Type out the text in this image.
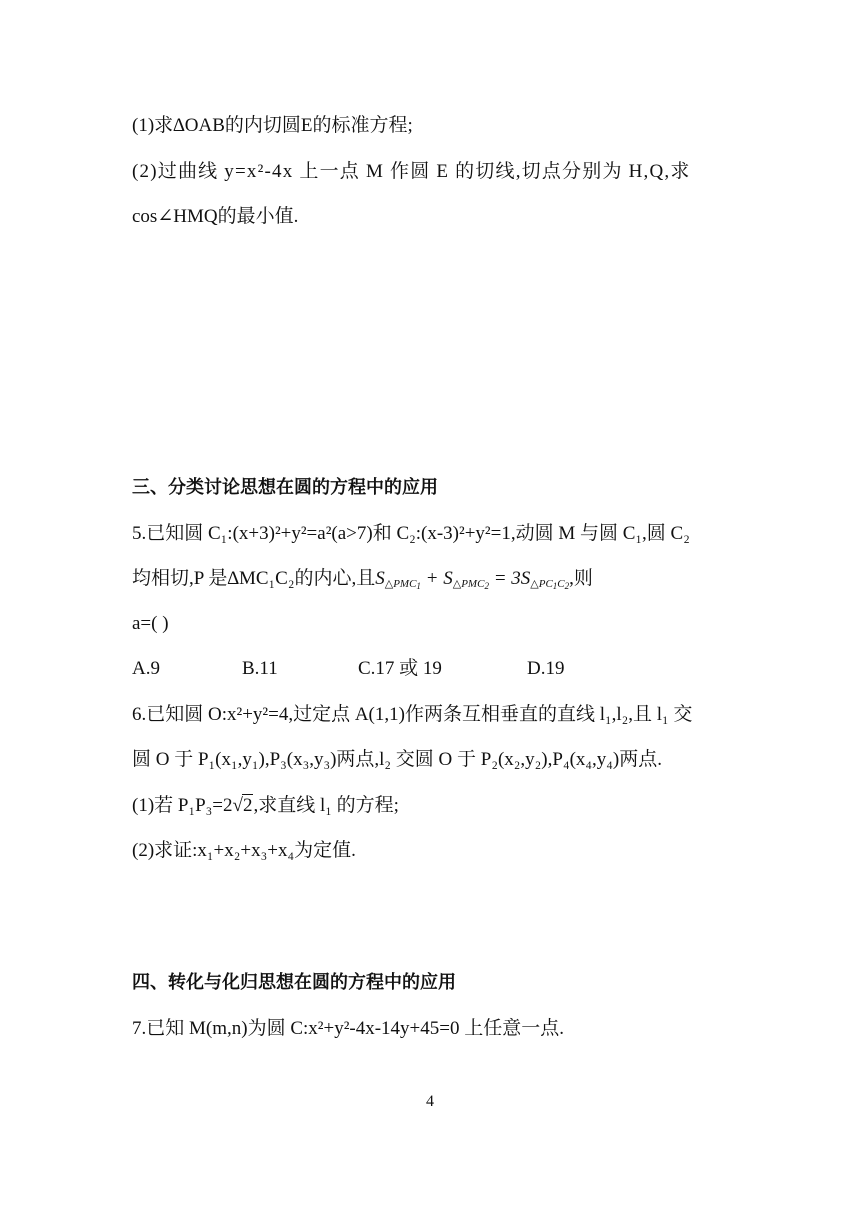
(1)求∆OAB的内切圆E的标准方程;
(2)过曲线 y=x²-4x 上一点 M 作圆 E 的切线,切点分别为 H,Q,求
cos∠HMQ的最小值.
三、分类讨论思想在圆的方程中的应用
5.已知圆 C₁:(x+3)²+y²=a²(a>7)和 C₂:(x-3)²+y²=1,动圆 M 与圆 C₁,圆 C₂
均相切,P 是∆MC₁C₂的内心,且$S_{\triangle PMC_1} + S_{\triangle PMC_2} = 3S_{\triangle PC_1C_2}$,则
a=( )
A.9	B.11	C.17 或 19	D.19
6.已知圆 O:x²+y²=4,过定点 A(1,1)作两条互相垂直的直线 l₁,l₂,且 l₁ 交
圆 O 于 P₁(x₁,y₁),P₃(x₃,y₃)两点,l₂ 交圆 O 于 P₂(x₂,y₂),P₄(x₄,y₄)两点.
(1)若 P₁P₃=2√2,求直线 l₁ 的方程;
(2)求证:x₁+x₂+x₃+x₄为定值.
四、转化与化归思想在圆的方程中的应用
7.已知 M(m,n)为圆 C:x²+y²-4x-14y+45=0 上任意一点.
4
